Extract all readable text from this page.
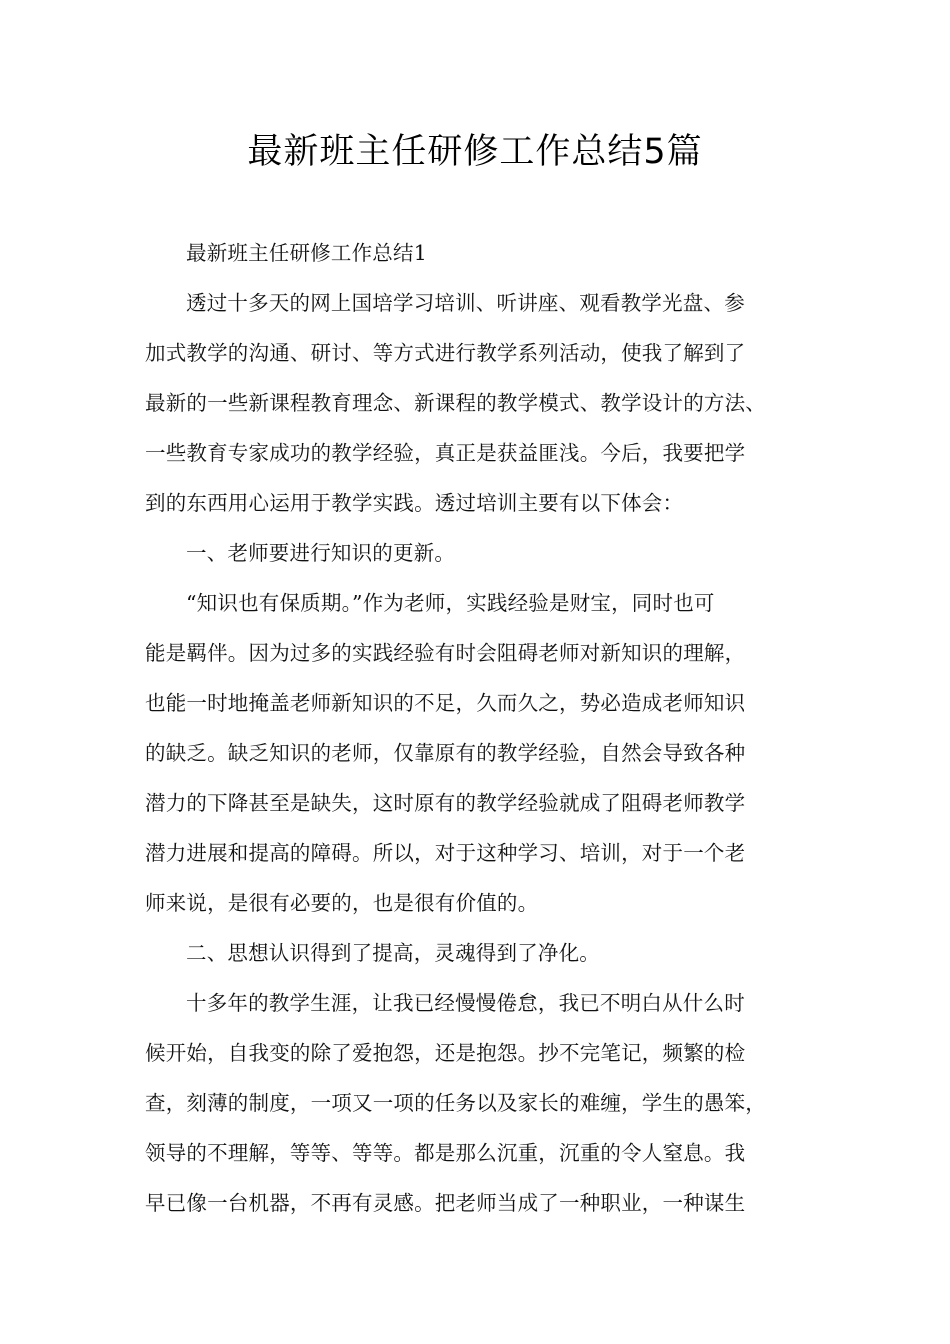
最新班主任研修工作总结5篇

最新班主任研修工作总结1

透过十多天的网上国培学习培训、听讲座、观看教学光盘、参
加式教学的沟通、研讨、等方式进行教学系列活动，使我了解到了
最新的一些新课程教育理念、新课程的教学模式、教学设计的方法、
一些教育专家成功的教学经验，真正是获益匪浅。今后，我要把学
到的东西用心运用于教学实践。透过培训主要有以下体会：

一、老师要进行知识的更新。

“知识也有保质期。”作为老师，实践经验是财宝，同时也可
能是羁伴。因为过多的实践经验有时会阻碍老师对新知识的理解，
也能一时地掩盖老师新知识的不足，久而久之，势必造成老师知识
的缺乏。缺乏知识的老师，仅靠原有的教学经验，自然会导致各种
潜力的下降甚至是缺失，这时原有的教学经验就成了阻碍老师教学
潜力进展和提高的障碍。所以，对于这种学习、培训，对于一个老
师来说，是很有必要的，也是很有价值的。

二、思想认识得到了提高，灵魂得到了净化。

十多年的教学生涯，让我已经慢慢倦怠，我已不明白从什么时
候开始，自我变的除了爱抱怨，还是抱怨。抄不完笔记，频繁的检
查，刻薄的制度，一项又一项的任务以及家长的难缠，学生的愚笨，
领导的不理解，等等、等等。都是那么沉重，沉重的令人窒息。我
早已像一台机器，不再有灵感。把老师当成了一种职业，一种谋生
